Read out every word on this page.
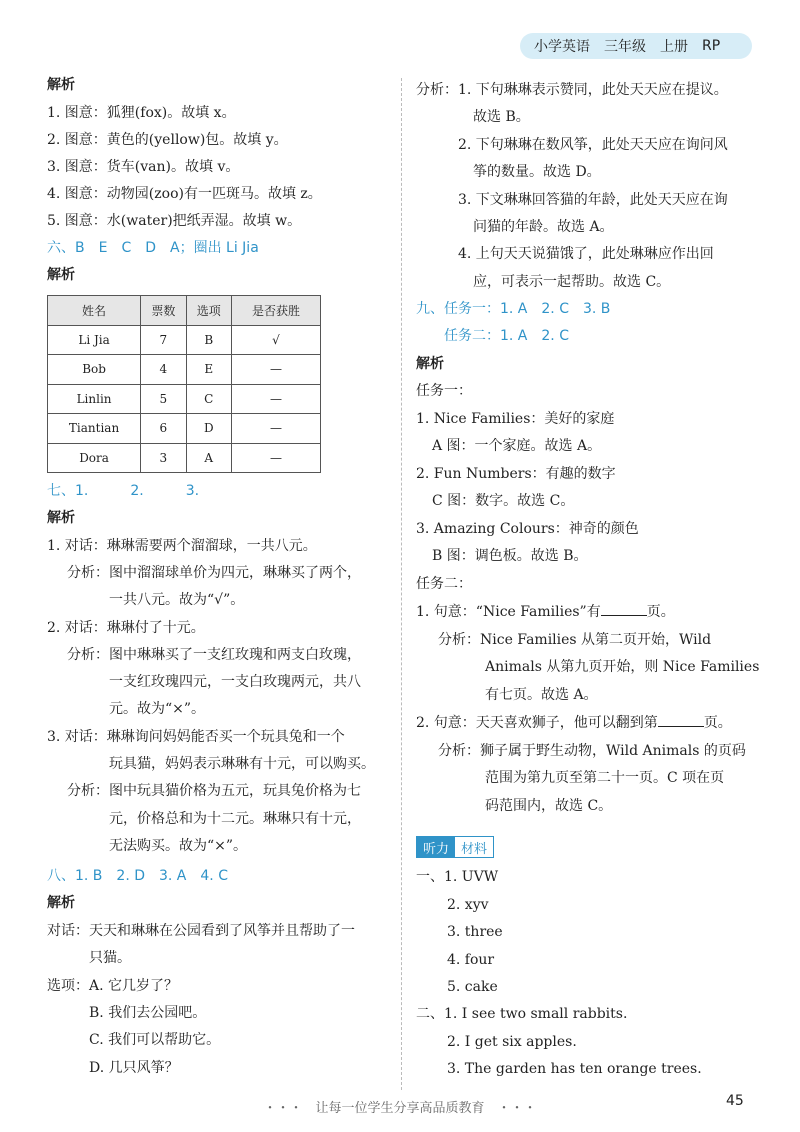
小学英语 三年级 上册 RP
解析
1. 图意：狐狸(fox)。故填 x。
2. 图意：黄色的(yellow)包。故填 y。
3. 图意：货车(van)。故填 v。
4. 图意：动物园(zoo)有一匹斑马。故填 z。
5. 图意：水(water)把纸弄湿。故填 w。
六、B　E　C　D　A；圈出 Li Jia
解析
姓名	票数	选项	是否获胜
Li Jia	7	B	√
Bob	4	E	—
Linlin	5	C	—
Tiantian	6	D	—
Dora	3	A	—
七、1.　　　2.　　　3.
解析
1. 对话：琳琳需要两个溜溜球，一共八元。
分析：图中溜溜球单价为四元，琳琳买了两个，
一共八元。故为“√”。
2. 对话：琳琳付了十元。
分析：图中琳琳买了一支红玫瑰和两支白玫瑰，
一支红玫瑰四元，一支白玫瑰两元，共八
元。故为“×”。
3. 对话：琳琳询问妈妈能否买一个玩具兔和一个
玩具猫，妈妈表示琳琳有十元，可以购买。
分析：图中玩具猫价格为五元，玩具兔价格为七
元，价格总和为十二元。琳琳只有十元，
无法购买。故为“×”。
八、1. B　2. D　3. A　4. C
解析
对话：天天和琳琳在公园看到了风筝并且帮助了一
只猫。
选项：A. 它几岁了？
B. 我们去公园吧。
C. 我们可以帮助它。
D. 几只风筝？
分析：1. 下句琳琳表示赞同，此处天天应在提议。
故选 B。
2. 下句琳琳在数风筝，此处天天应在询问风
筝的数量。故选 D。
3. 下文琳琳回答猫的年龄，此处天天应在询
问猫的年龄。故选 A。
4. 上句天天说猫饿了，此处琳琳应作出回
应，可表示一起帮助。故选 C。
九、任务一：1. A　2. C　3. B
任务二：1. A　2. C
解析
任务一：
1. Nice Families：美好的家庭
A 图：一个家庭。故选 A。
2. Fun Numbers：有趣的数字
C 图：数字。故选 C。
3. Amazing Colours：神奇的颜色
B 图：调色板。故选 B。
任务二：
1. 句意：“Nice Families”有	页。
分析：Nice Families 从第二页开始，Wild
Animals 从第九页开始，则 Nice Families
有七页。故选 A。
2. 句意：天天喜欢狮子，他可以翻到第	页。
分析：狮子属于野生动物，Wild Animals 的页码
范围为第九页至第二十一页。C 项在页
码范围内，故选 C。
听力 材料
一、1. UVW
2. xyv
3. three
4. four
5. cake
二、1. I see two small rabbits.
2. I get six apples.
3. The garden has ten orange trees.
・・・　让每一位学生分享高品质教育　・・・	45
